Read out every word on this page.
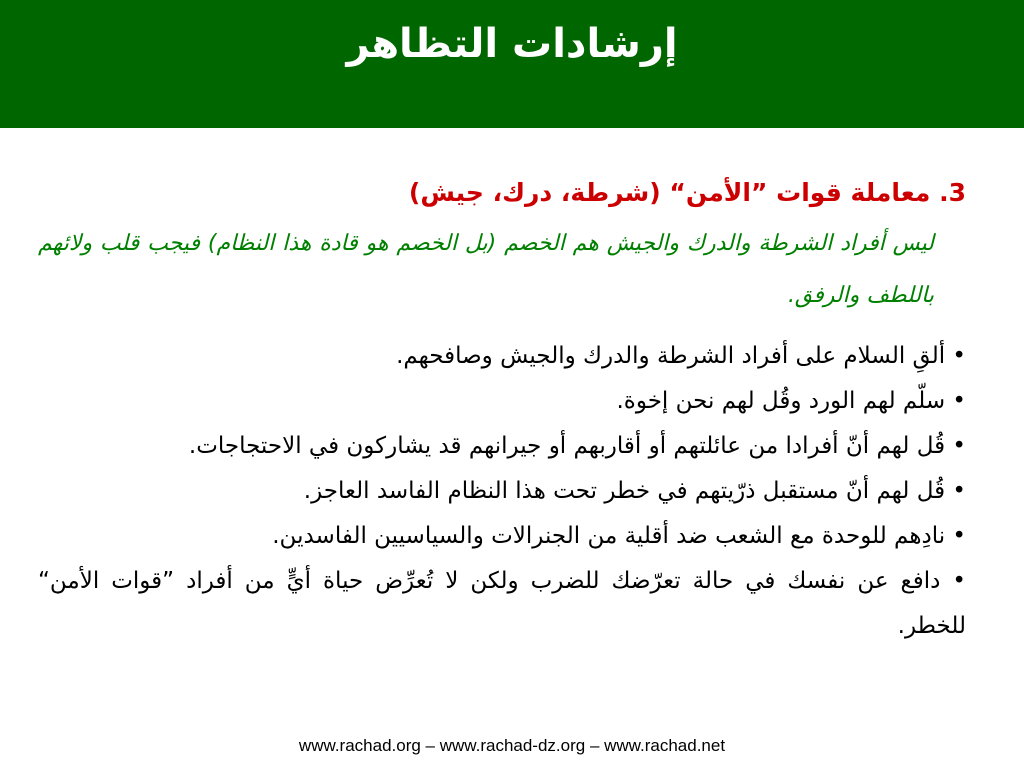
إرشادات التظاهر

3. معاملة قوات ”الأمن“ (شرطة، درك، جيش)

ليس أفراد الشرطة والدرك والجيش هم الخصم (بل الخصم هو قادة هذا النظام) فيجب قلب ولائهم باللطف والرفق.

• ألقِ السلام على أفراد الشرطة والدرك والجيش وصافحهم.
• سلّم لهم الورد وقُل لهم نحن إخوة.
• قُل لهم أنّ أفرادا من عائلتهم أو أقاربهم أو جيرانهم قد يشاركون في الاحتجاجات.
• قُل لهم أنّ مستقبل ذرّيتهم في خطر تحت هذا النظام الفاسد العاجز.
• نادِهم للوحدة مع الشعب ضد أقلية من الجنرالات والسياسيين الفاسدين.
• دافع عن نفسك في حالة تعرّضك للضرب ولكن لا تُعرِّض حياة أيٍّ من أفراد ”قوات الأمن“ للخطر.
www.rachad.org – www.rachad-dz.org – www.rachad.net
